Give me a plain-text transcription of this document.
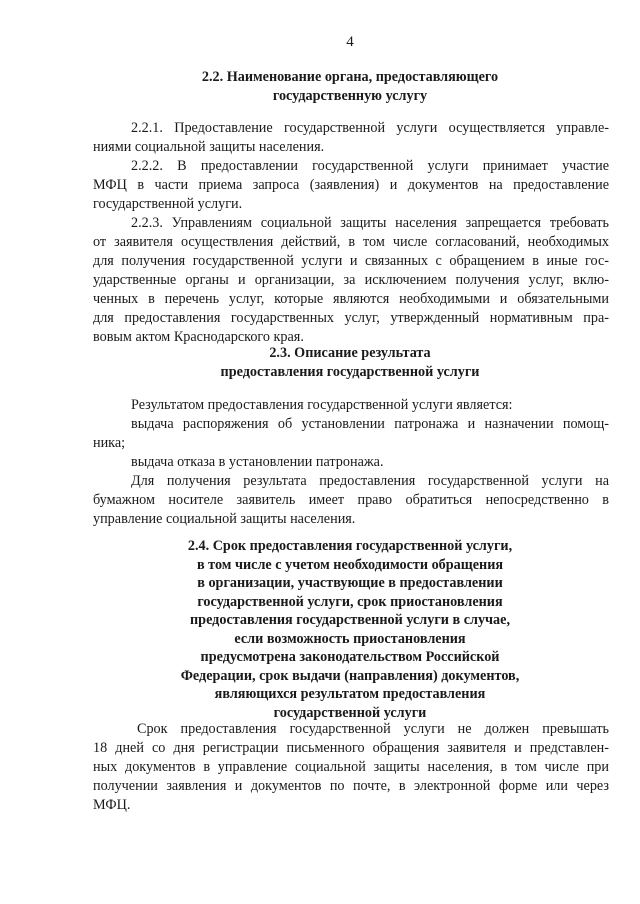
4
2.2. Наименование органа, предоставляющего
государственную услугу
2.2.1. Предоставление государственной услуги осуществляется управле-
ниями социальной защиты населения.
2.2.2. В предоставлении государственной услуги принимает участие
МФЦ в части приема запроса (заявления) и документов на предоставление
государственной услуги.
2.2.3. Управлениям социальной защиты населения запрещается требовать
от заявителя осуществления действий, в том числе согласований, необходимых
для получения государственной услуги и связанных с обращением в иные гос-
ударственные органы и организации, за исключением получения услуг, вклю-
ченных в перечень услуг, которые являются необходимыми и обязательными
для предоставления государственных услуг, утвержденный нормативным пра-
вовым актом Краснодарского края.
2.3. Описание результата
предоставления государственной услуги
Результатом предоставления государственной услуги является:
выдача распоряжения об установлении патронажа и назначении помощ-
ника;
выдача отказа в установлении патронажа.
Для получения результата предоставления государственной услуги на
бумажном носителе заявитель имеет право обратиться непосредственно в
управление социальной защиты населения.
2.4. Срок предоставления государственной услуги,
в том числе с учетом необходимости обращения
в организации, участвующие в предоставлении
государственной услуги, срок приостановления
предоставления государственной услуги в случае,
если возможность приостановления
предусмотрена законодательством Российской
Федерации, срок выдачи (направления) документов,
являющихся результатом предоставления
государственной услуги
Срок предоставления государственной услуги не должен превышать
18 дней со дня регистрации письменного обращения заявителя и представлен-
ных документов в управление социальной защиты населения, в том числе при
получении заявления и документов по почте, в электронной форме или через
МФЦ.
